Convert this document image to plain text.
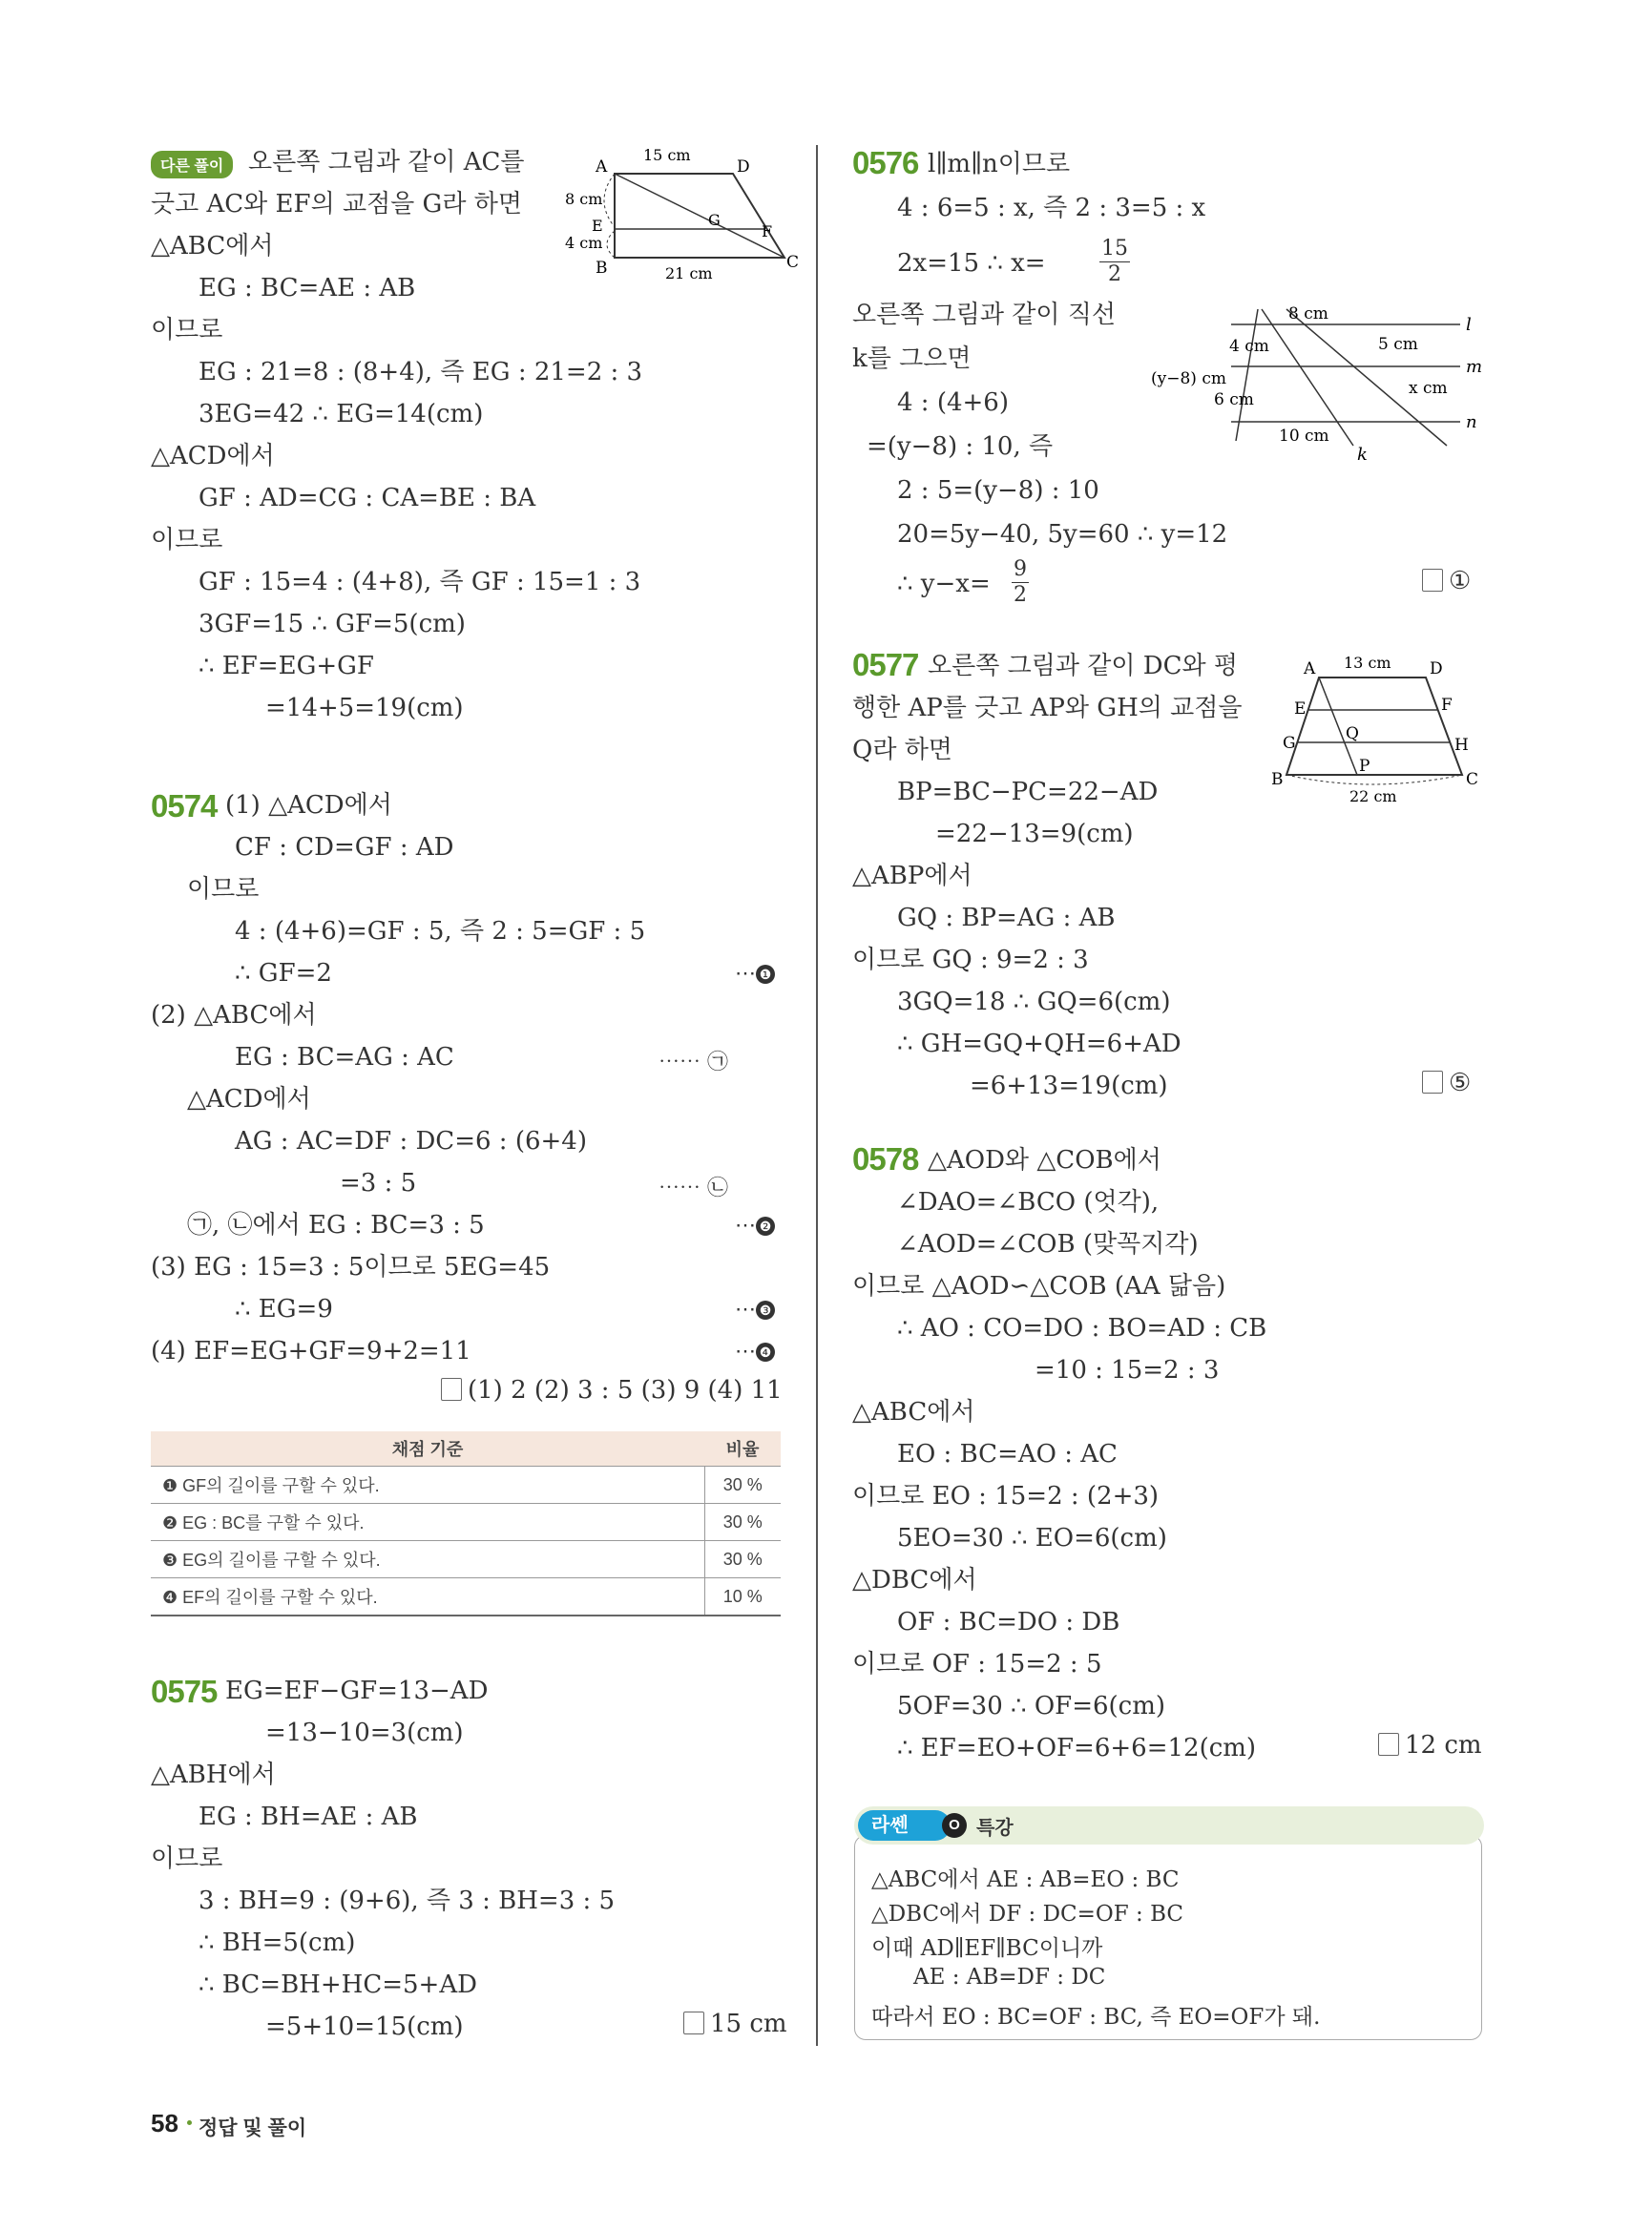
다른 풀이 오른쪽 그림과 같이 AC를
긋고 AC와 EF의 교점을 G라 하면
△ABC에서
EG : BC=AE : AB
이므로
EG : 21=8 : (8+4), 즉 EG : 21=2 : 3
3EG=42 ∴ EG=14(cm)
△ACD에서
GF : AD=CG : CA=BE : BA
이므로
GF : 15=4 : (4+8), 즉 GF : 15=1 : 3
3GF=15 ∴ GF=5(cm)
∴ EF=EG+GF
=14+5=19(cm)
A	D
15 cm
8 cm
E	G
F
4 cm
B	21 cm
C
0574 (1) △ACD에서
CF : CD=GF : AD
이므로
4 : (4+6)=GF : 5, 즉 2 : 5=GF : 5
∴ GF=2	⋯ ❶
(2) △ABC에서
EG : BC=AG : AC	⋯⋯ ㉠
△ACD에서
AG : AC=DF : DC=6 : (6+4)
=3 : 5	⋯⋯ ㉡
㉠, ㉡에서 EG : BC=3 : 5	⋯ ❷
(3) EG : 15=3 : 5이므로 5EG=45
∴ EG=9	⋯ ❸
(4) EF=EG+GF=9+2=11	⋯ ❹
(1) 2 (2) 3 : 5 (3) 9 (4) 11
채점 기준	비율
❶ GF의 길이를 구할 수 있다.	30 %
❷ EG : BC를 구할 수 있다.	30 %
❸ EG의 길이를 구할 수 있다.	30 %
❹ EF의 길이를 구할 수 있다.	10 %
0575 EG=EF−GF=13−AD
=13−10=3(cm)
△ABH에서
EG : BH=AE : AB
이므로
3 : BH=9 : (9+6), 즉 3 : BH=3 : 5
∴ BH=5(cm)
∴ BC=BH+HC=5+AD
=5+10=15(cm)	15 cm
0576 l∥m∥n이므로
4 : 6=5 : x, 즉 2 : 3=5 : x
2x=15 ∴ x=
15
2
오른쪽 그림과 같이 직선
k를 그으면
4 : (4+6)
=(y−8) : 10, 즉
2 : 5=(y−8) : 10
20=5y−40, 5y=60 ∴ y=12
∴ y−x=
9
2	①
8 cm
4 cm	5 cm
(y−8) cm
6 cm
x cm
10 cm
l
m
n
k
0577 오른쪽 그림과 같이 DC와 평
행한 AP를 긋고 AP와 GH의 교점을
Q라 하면
BP=BC−PC=22−AD
=22−13=9(cm)
△ABP에서
GQ : BP=AG : AB
이므로 GQ : 9=2 : 3
3GQ=18 ∴ GQ=6(cm)
∴ GH=GQ+QH=6+AD
=6+13=19(cm)	⑤
A	D
13 cm
E	F
G	H
Q
P
B	C
22 cm
0578 △AOD와 △COB에서
∠DAO=∠BCO (엇각),
∠AOD=∠COB (맞꼭지각)
이므로 △AOD∽△COB (AA 닮음)
∴ AO : CO=DO : BO=AD : CB
=10 : 15=2 : 3
△ABC에서
EO : BC=AO : AC
이므로 EO : 15=2 : (2+3)
5EO=30 ∴ EO=6(cm)
△DBC에서
OF : BC=DO : DB
이므로 OF : 15=2 : 5
5OF=30 ∴ OF=6(cm)
∴ EF=EO+OF=6+6=12(cm)	12 cm
라쎈	O 특강
△ABC에서 AE : AB=EO : BC
△DBC에서 DF : DC=OF : BC
이때 AD∥EF∥BC이니까
AE : AB=DF : DC
따라서 EO : BC=OF : BC, 즉 EO=OF가 돼.
58 정답 및 풀이
